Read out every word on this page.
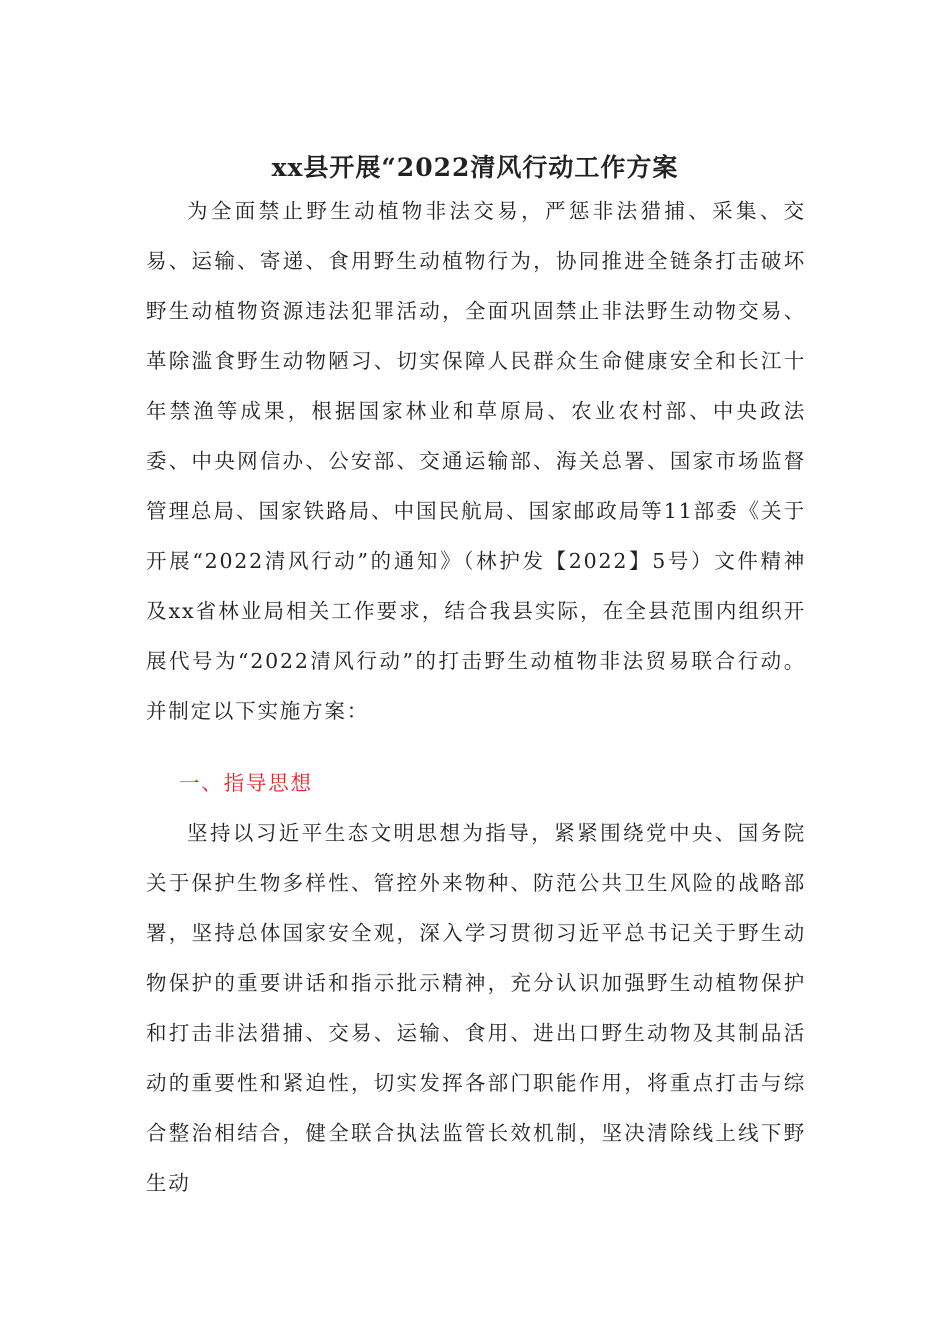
xx县开展“2022清风行动工作方案

为全面禁止野生动植物非法交易，严惩非法猎捕、采集、交易、运输、寄递、食用野生动植物行为，协同推进全链条打击破坏野生动植物资源违法犯罪活动，全面巩固禁止非法野生动物交易、革除滥食野生动物陋习、切实保障人民群众生命健康安全和长江十年禁渔等成果，根据国家林业和草原局、农业农村部、中央政法委、中央网信办、公安部、交通运输部、海关总署、国家市场监督管理总局、国家铁路局、中国民航局、国家邮政局等11部委《关于开展“2022清风行动”的通知》（林护发【2022】5号）文件精神及xx省林业局相关工作要求，结合我县实际，在全县范围内组织开展代号为“2022清风行动”的打击野生动植物非法贸易联合行动。并制定以下实施方案：

一、指导思想

坚持以习近平生态文明思想为指导，紧紧围绕党中央、国务院关于保护生物多样性、管控外来物种、防范公共卫生风险的战略部署，坚持总体国家安全观，深入学习贯彻习近平总书记关于野生动物保护的重要讲话和指示批示精神，充分认识加强野生动植物保护和打击非法猎捕、交易、运输、食用、进出口野生动物及其制品活动的重要性和紧迫性，切实发挥各部门职能作用，将重点打击与综合整治相结合，健全联合执法监管长效机制，坚决清除线上线下野生动
